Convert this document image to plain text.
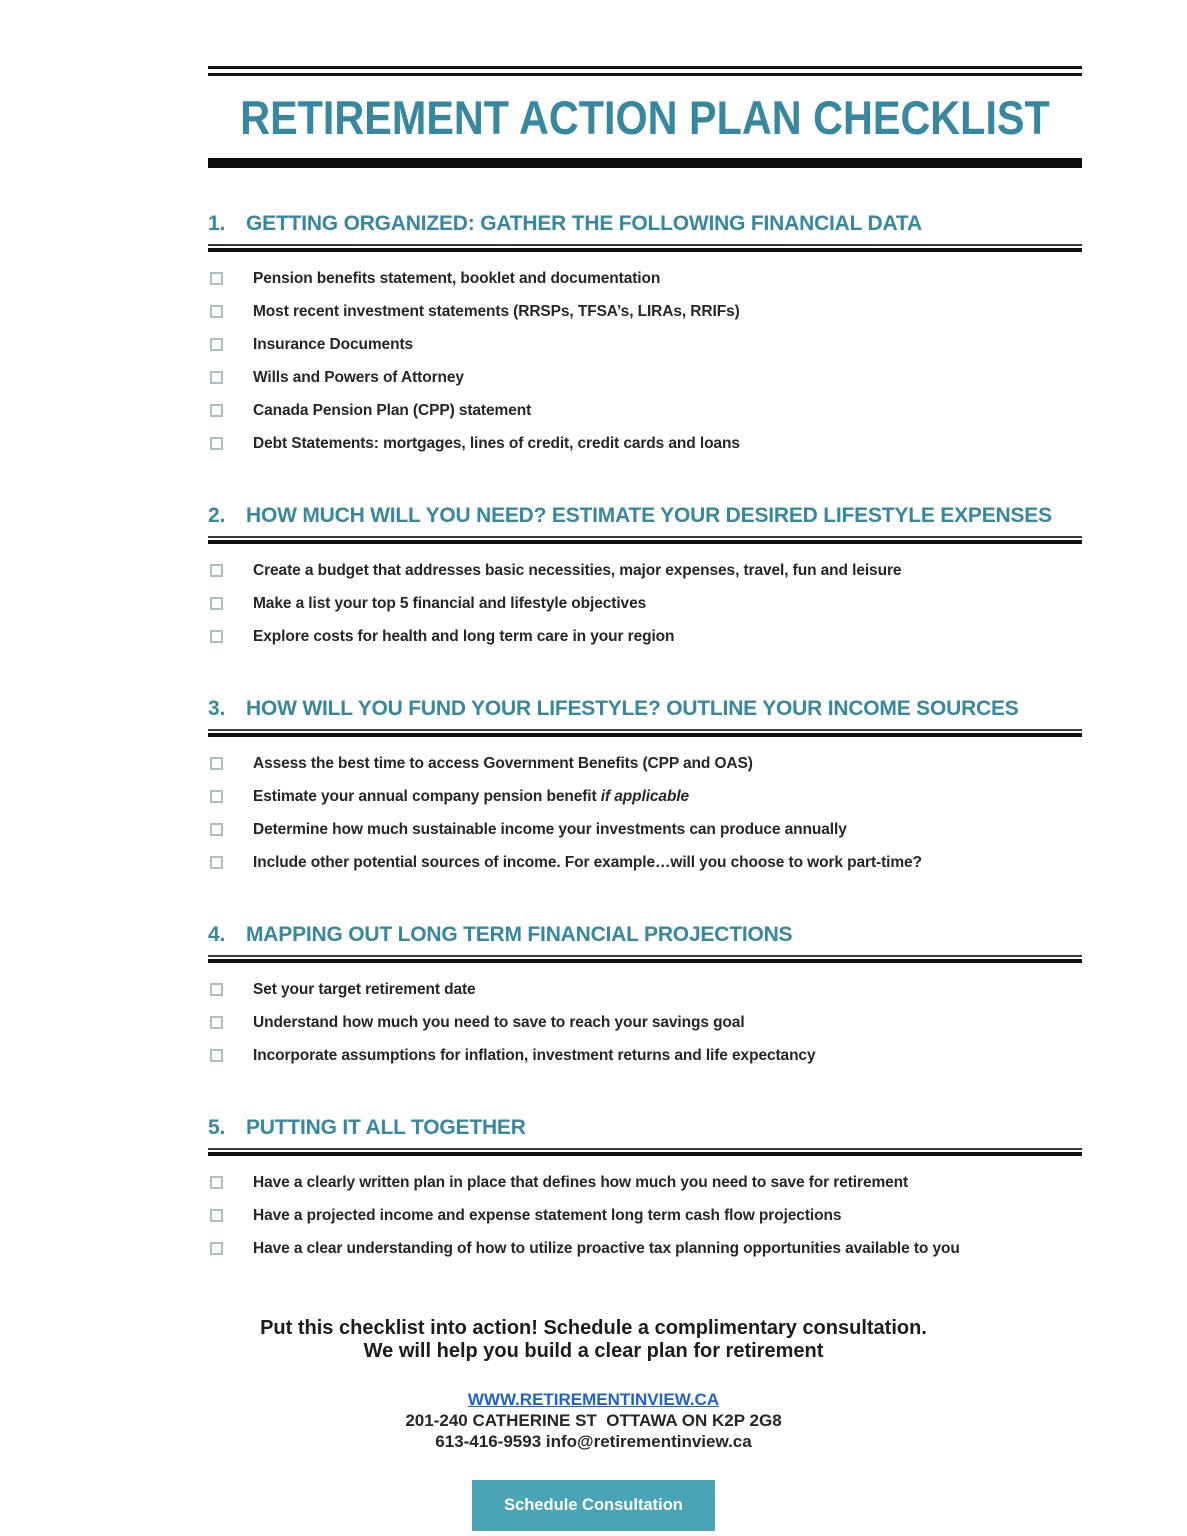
RETIREMENT ACTION PLAN CHECKLIST
1. GETTING ORGANIZED: GATHER THE FOLLOWING FINANCIAL DATA
Pension benefits statement, booklet and documentation
Most recent investment statements (RRSPs, TFSA’s, LIRAs, RRIFs)
Insurance Documents
Wills and Powers of Attorney
Canada Pension Plan (CPP) statement
Debt Statements: mortgages, lines of credit, credit cards and loans
2. HOW MUCH WILL YOU NEED? ESTIMATE YOUR DESIRED LIFESTYLE EXPENSES
Create a budget that addresses basic necessities, major expenses, travel, fun and leisure
Make a list your top 5 financial and lifestyle objectives
Explore costs for health and long term care in your region
3. HOW WILL YOU FUND YOUR LIFESTYLE? OUTLINE YOUR INCOME SOURCES
Assess the best time to access Government Benefits (CPP and OAS)
Estimate your annual company pension benefit if applicable
Determine how much sustainable income your investments can produce annually
Include other potential sources of income. For example…will you choose to work part-time?
4. MAPPING OUT LONG TERM FINANCIAL PROJECTIONS
Set your target retirement date
Understand how much you need to save to reach your savings goal
Incorporate assumptions for inflation, investment returns and life expectancy
5. PUTTING IT ALL TOGETHER
Have a clearly written plan in place that defines how much you need to save for retirement
Have a projected income and expense statement long term cash flow projections
Have a clear understanding of how to utilize proactive tax planning opportunities available to you

Put this checklist into action! Schedule a complimentary consultation.

We will help you build a clear plan for retirement

WWW.RETIREMENTINVIEW.CA

201-240 CATHERINE ST  OTTAWA ON K2P 2G8

613-416-9593 info@retirementinview.ca

Schedule Consultation
